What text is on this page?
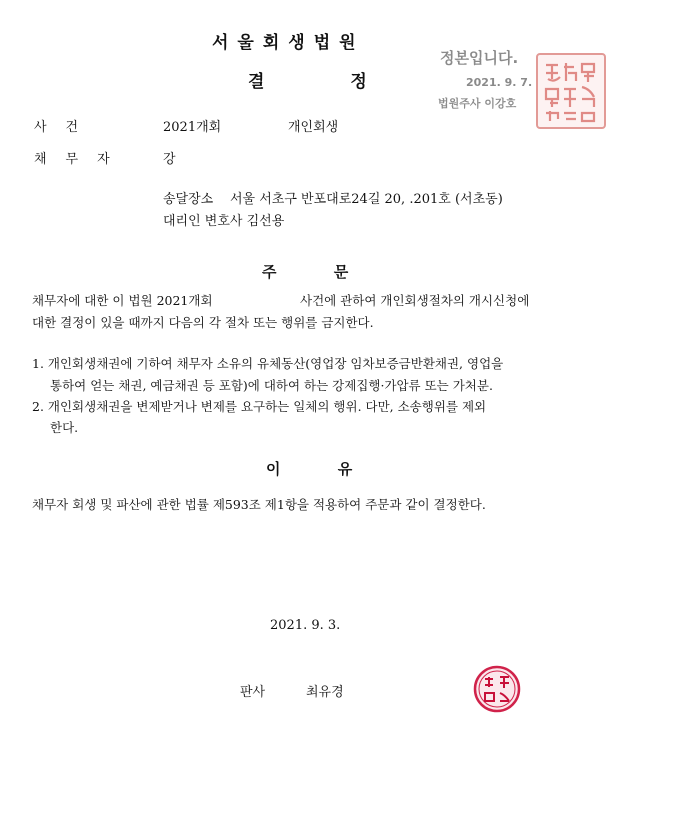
서울회생법원
결 정
정본입니다.
2021. 9. 7.
법원주사 이강호
사건	2021개회	개인회생
채무자	강
송달장소 서울 서초구 반포대로24길 20, .201호 (서초동)
대리인 변호사 김선용
주 문
채무자에 대한 이 법원 2021개회	사건에 관하여 개인회생절차의 개시신청에
대한 결정이 있을 때까지 다음의 각 절차 또는 행위를 금지한다.
1. 개인회생채권에 기하여 채무자 소유의 유체동산(영업장 임차보증금반환채권, 영업을
통하여 얻는 채권, 예금채권 등 포함)에 대하여 하는 강제집행·가압류 또는 가처분.
2. 개인회생채권을 변제받거나 변제를 요구하는 일체의 행위. 다만, 소송행위를 제외
한다.
이 유
채무자 회생 및 파산에 관한 법률 제593조 제1항을 적용하여 주문과 같이 결정한다.
2021. 9. 3.
판사	최유경
